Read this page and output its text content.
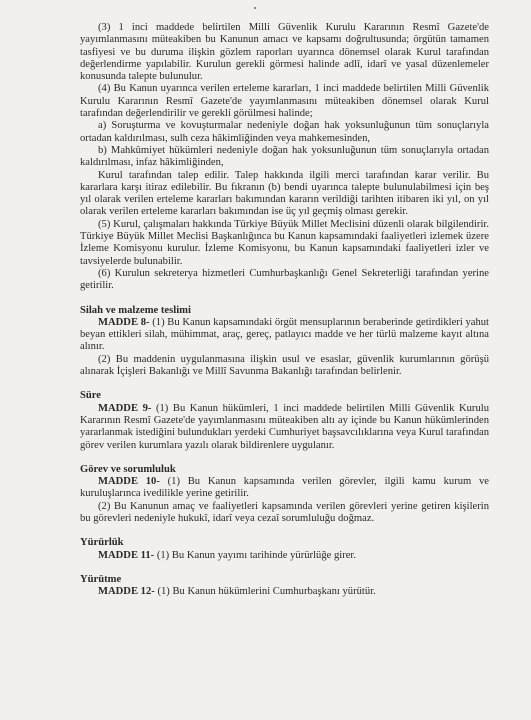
(3) 1 inci maddede belirtilen Milli Güvenlik Kurulu Kararının Resmî Gazete'de yayımlanmasını müteakiben bu Kanunun amacı ve kapsamı doğrultusunda; örgütün tamamen tasfiyesi ve bu duruma ilişkin gözlem raporları uyarınca dönemsel olarak Kurul tarafından değerlendirme yapılabilir. Kurulun gerekli görmesi halinde adlî, idarî ve yasal düzenlemeler konusunda talepte bulunulur.

(4) Bu Kanun uyarınca verilen erteleme kararları, 1 inci maddede belirtilen Milli Güvenlik Kurulu Kararının Resmî Gazete'de yayımlanmasını müteakiben dönemsel olarak Kurul tarafından değerlendirilir ve gerekli görülmesi halinde;

a) Soruşturma ve kovuşturmalar nedeniyle doğan hak yoksunluğunun tüm sonuçlarıyla ortadan kaldırılması, sulh ceza hâkimliğinden veya mahkemesinden,

b) Mahkûmiyet hükümleri nedeniyle doğan hak yoksunluğunun tüm sonuçlarıyla ortadan kaldırılması, infaz hâkimliğinden,

Kurul tarafından talep edilir. Talep hakkında ilgili merci tarafından karar verilir. Bu kararlara karşı itiraz edilebilir. Bu fıkranın (b) bendi uyarınca talepte bulunulabilmesi için beş yıl olarak verilen erteleme kararları bakımından kararın verildiği tarihten itibaren iki yıl, on yıl olarak verilen erteleme kararları bakımından ise üç yıl geçmiş olması gerekir.

(5) Kurul, çalışmaları hakkında Türkiye Büyük Millet Meclisini düzenli olarak bilgilendirir. Türkiye Büyük Millet Meclisi Başkanlığınca bu Kanun kapsamındaki faaliyetleri izlemek üzere İzleme Komisyonu kurulur. İzleme Komisyonu, bu Kanun kapsamındaki faaliyetleri izler ve tavsiyelerde bulunabilir.

(6) Kurulun sekreterya hizmetleri Cumhurbaşkanlığı Genel Sekreterliği tarafından yerine getirilir.

Silah ve malzeme teslimi

MADDE 8- (1) Bu Kanun kapsamındaki örgüt mensuplarının beraberinde getirdikleri yahut beyan ettikleri silah, mühimmat, araç, gereç, patlayıcı madde ve her türlü malzeme kayıt altına alınır.

(2) Bu maddenin uygulanmasına ilişkin usul ve esaslar, güvenlik kurumlarının görüşü alınarak İçişleri Bakanlığı ve Millî Savunma Bakanlığı tarafından belirlenir.

Süre

MADDE 9- (1) Bu Kanun hükümleri, 1 inci maddede belirtilen Milli Güvenlik Kurulu Kararının Resmî Gazete'de yayımlanmasını müteakiben altı ay içinde bu Kanun hükümlerinden yararlanmak istediğini bulundukları yerdeki Cumhuriyet başsavcılıklarına veya Kurul tarafından görev verilen kurumlara yazılı olarak bildirenlere uygulanır.

Görev ve sorumluluk

MADDE 10- (1) Bu Kanun kapsamında verilen görevler, ilgili kamu kurum ve kuruluşlarınca ivedilikle yerine getirilir.

(2) Bu Kanunun amaç ve faaliyetleri kapsamında verilen görevleri yerine getiren kişilerin bu görevleri nedeniyle hukukî, idarî veya cezaî sorumluluğu doğmaz.

Yürürlük

MADDE 11- (1) Bu Kanun yayımı tarihinde yürürlüğe girer.

Yürütme

MADDE 12- (1) Bu Kanun hükümlerini Cumhurbaşkanı yürütür.
